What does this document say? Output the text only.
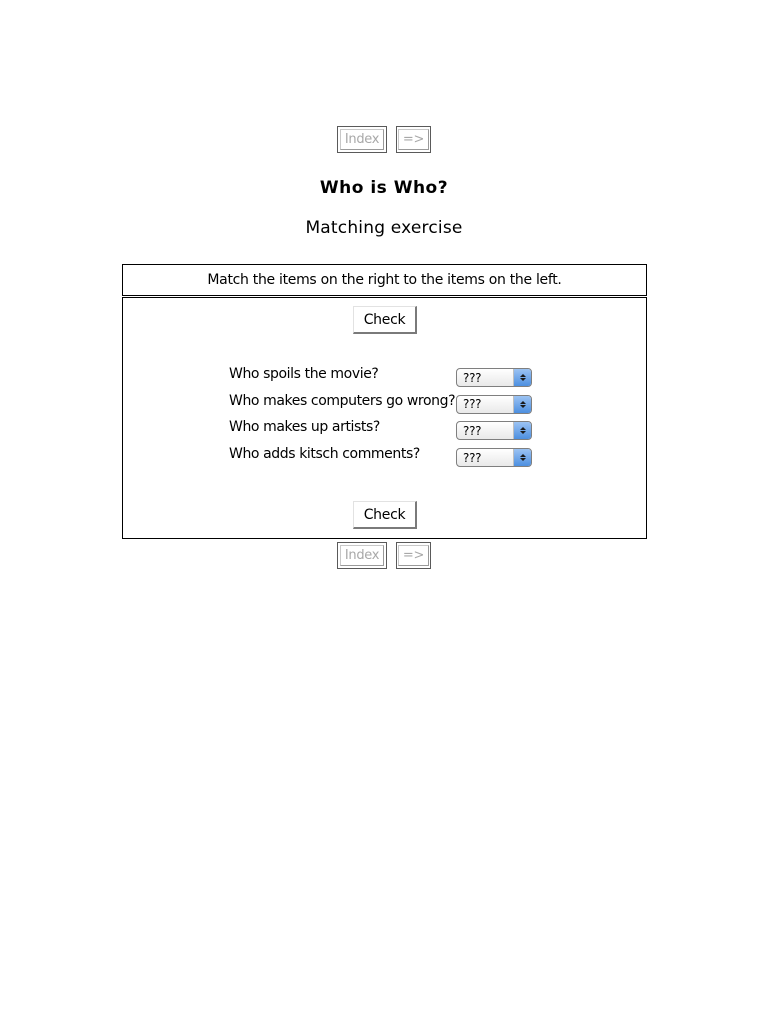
Index	=>
Who is Who?
Matching exercise
Match the items on the right to the items on the left.
Check
Who spoils the movie?	???
Who makes computers go wrong? ???
Who makes up artists?	???
Who adds kitsch comments?	???
Check
Index	=>
